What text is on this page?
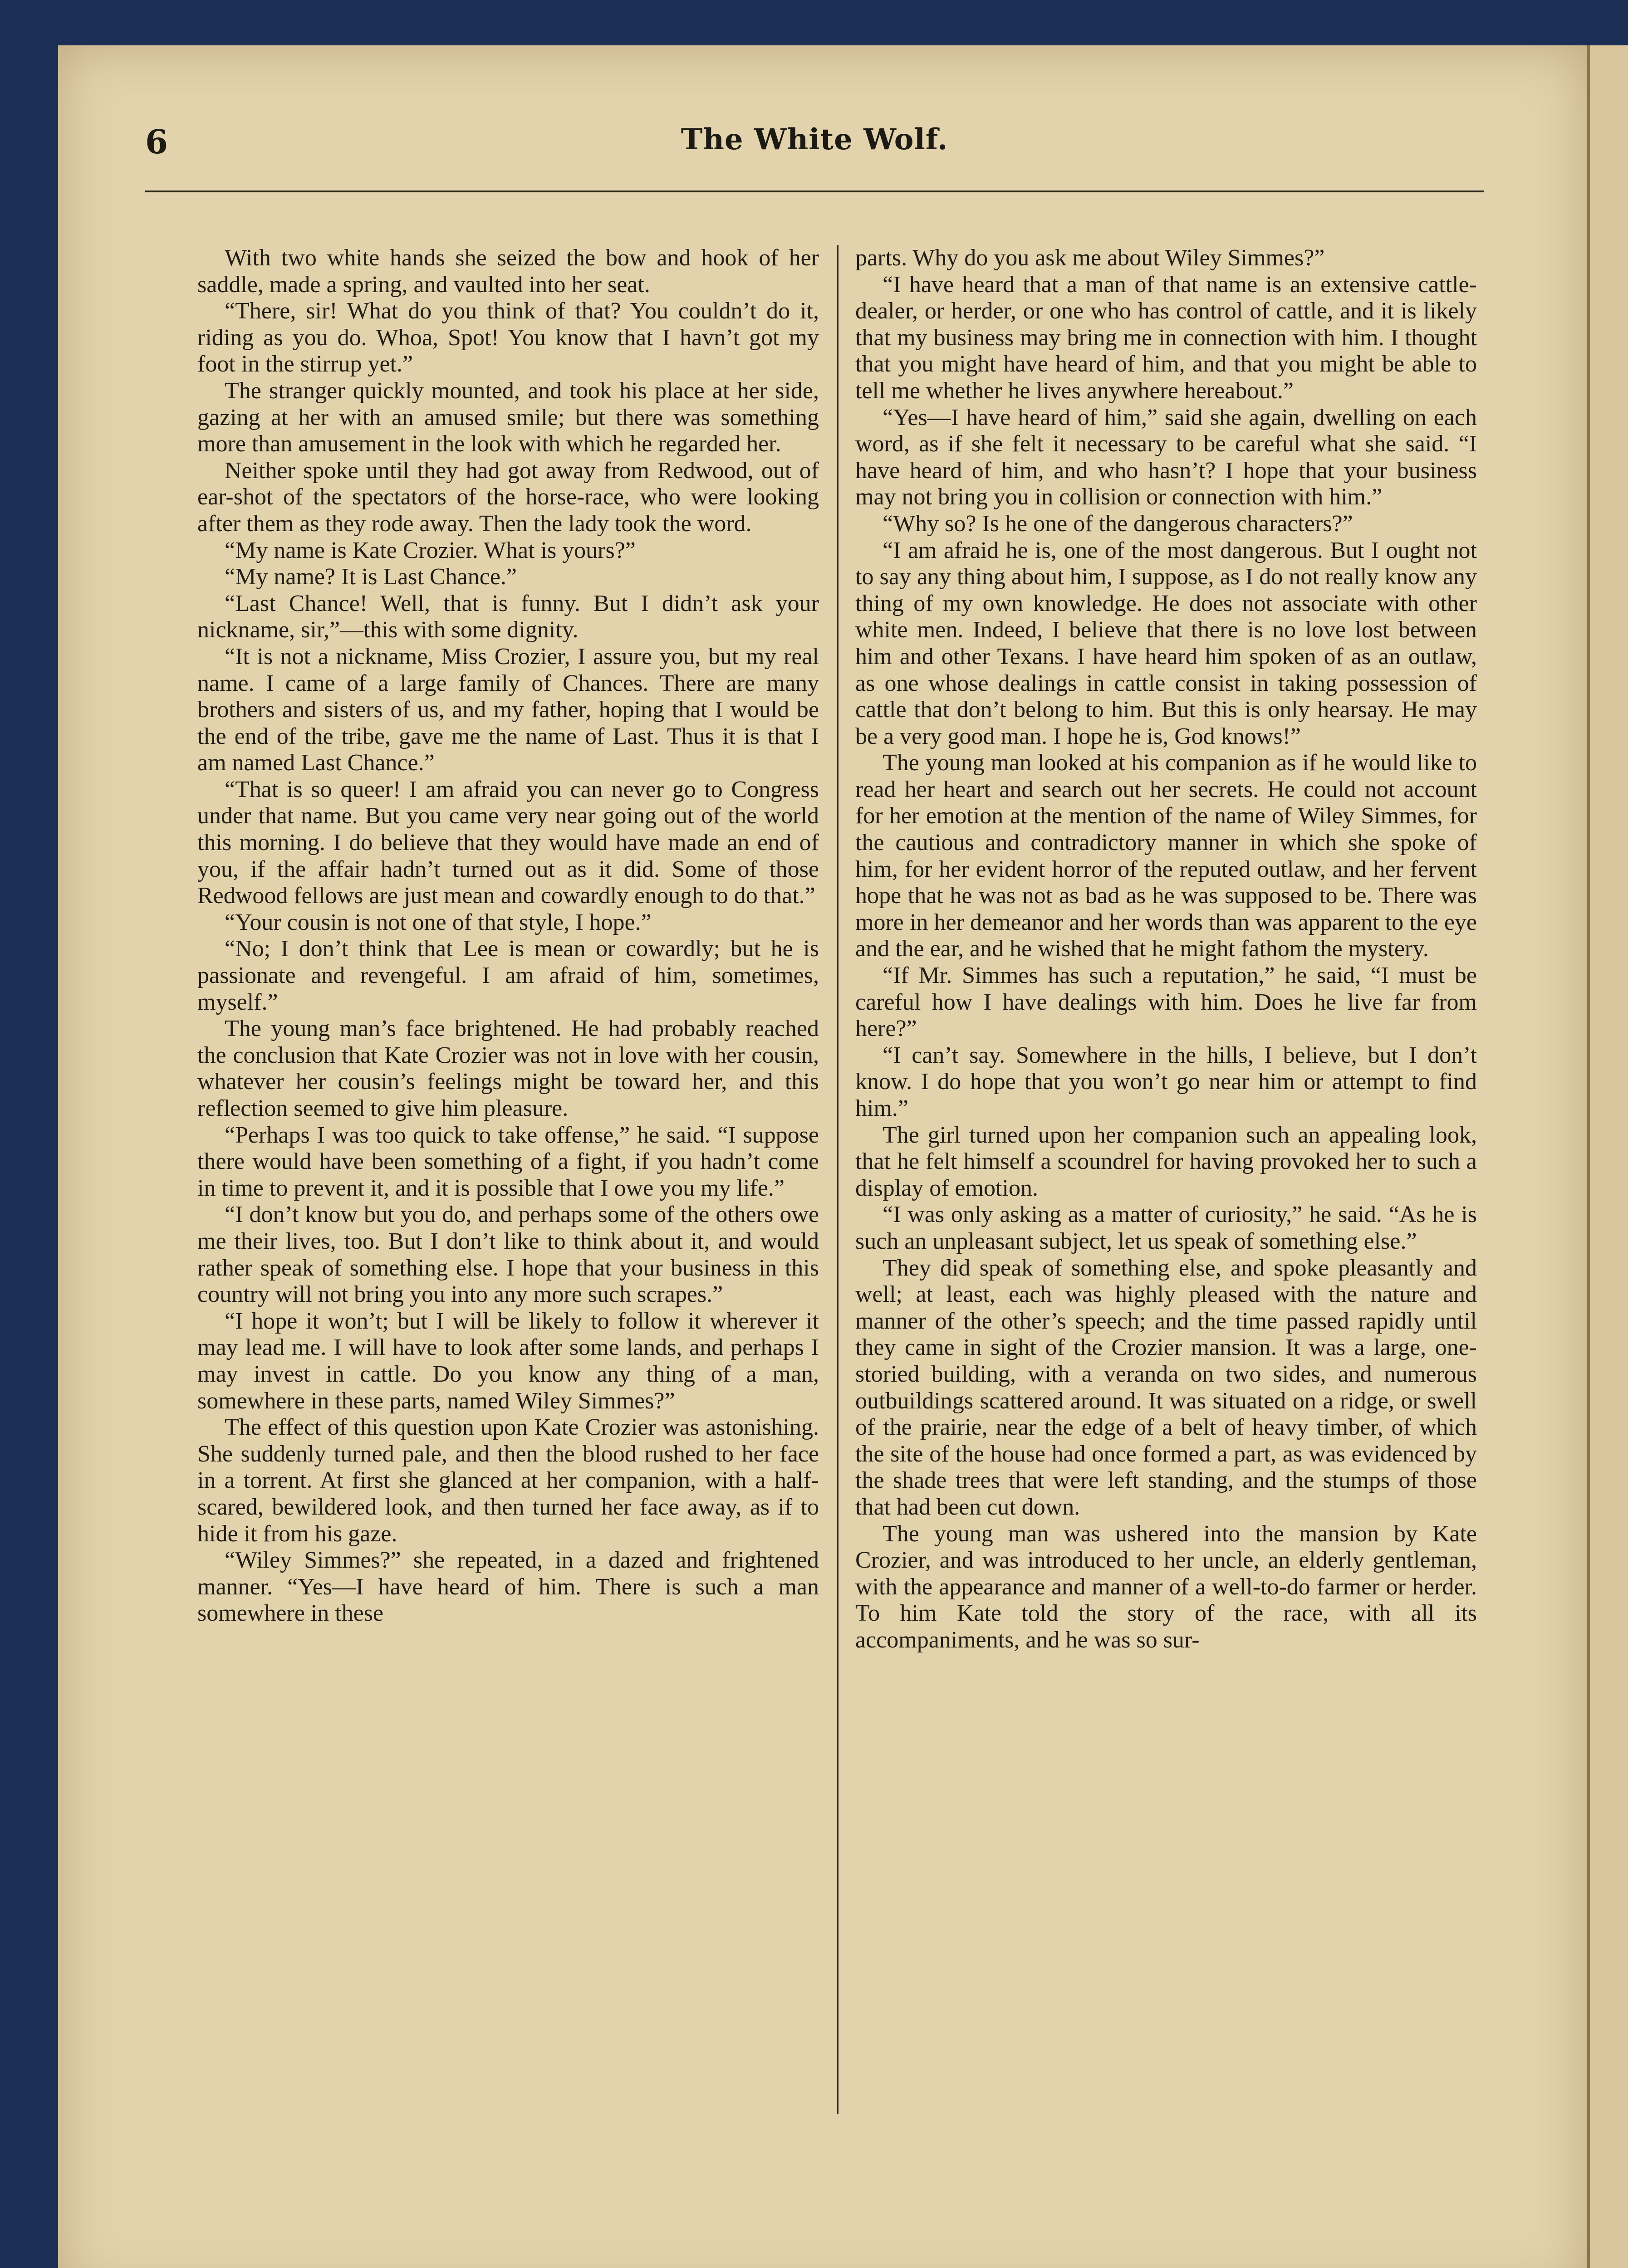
6	The White Wolf.

With two white hands she seized the bow and hook of her saddle, made a spring, and vaulted into her seat.

“There, sir! What do you think of that? You couldn’t do it, riding as you do. Whoa, Spot! You know that I havn’t got my foot in the stirrup yet.”

The stranger quickly mounted, and took his place at her side, gazing at her with an amused smile; but there was something more than amusement in the look with which he regarded her.

Neither spoke until they had got away from Redwood, out of ear-shot of the spectators of the horse-race, who were looking after them as they rode away. Then the lady took the word.

“My name is Kate Crozier. What is yours?”

“My name? It is Last Chance.”

“Last Chance! Well, that is funny. But I didn’t ask your nickname, sir,”—this with some dignity.

“It is not a nickname, Miss Crozier, I assure you, but my real name. I came of a large family of Chances. There are many brothers and sisters of us, and my father, hoping that I would be the end of the tribe, gave me the name of Last. Thus it is that I am named Last Chance.”

“That is so queer! I am afraid you can never go to Congress under that name. But you came very near going out of the world this morning. I do believe that they would have made an end of you, if the affair hadn’t turned out as it did. Some of those Redwood fellows are just mean and cowardly enough to do that.”

“Your cousin is not one of that style, I hope.”

“No; I don’t think that Lee is mean or cowardly; but he is passionate and revengeful. I am afraid of him, sometimes, myself.”

The young man’s face brightened. He had probably reached the conclusion that Kate Crozier was not in love with her cousin, whatever her cousin’s feelings might be toward her, and this reflection seemed to give him pleasure.

“Perhaps I was too quick to take offense,” he said. “I suppose there would have been something of a fight, if you hadn’t come in time to prevent it, and it is possible that I owe you my life.”

“I don’t know but you do, and perhaps some of the others owe me their lives, too. But I don’t like to think about it, and would rather speak of something else. I hope that your business in this country will not bring you into any more such scrapes.”

“I hope it won’t; but I will be likely to follow it wherever it may lead me. I will have to look after some lands, and perhaps I may invest in cattle. Do you know any thing of a man, somewhere in these parts, named Wiley Simmes?”

The effect of this question upon Kate Crozier was astonishing. She suddenly turned pale, and then the blood rushed to her face in a torrent. At first she glanced at her companion, with a half-scared, bewildered look, and then turned her face away, as if to hide it from his gaze.

“Wiley Simmes?” she repeated, in a dazed and frightened manner. “Yes—I have heard of him. There is such a man somewhere in these

parts. Why do you ask me about Wiley Simmes?”

“I have heard that a man of that name is an extensive cattle-dealer, or herder, or one who has control of cattle, and it is likely that my business may bring me in connection with him. I thought that you might have heard of him, and that you might be able to tell me whether he lives anywhere hereabout.”

“Yes—I have heard of him,” said she again, dwelling on each word, as if she felt it necessary to be careful what she said. “I have heard of him, and who hasn’t? I hope that your business may not bring you in collision or connection with him.”

“Why so? Is he one of the dangerous characters?”

“I am afraid he is, one of the most dangerous. But I ought not to say any thing about him, I suppose, as I do not really know any thing of my own knowledge. He does not associate with other white men. Indeed, I believe that there is no love lost between him and other Texans. I have heard him spoken of as an outlaw, as one whose dealings in cattle consist in taking possession of cattle that don’t belong to him. But this is only hearsay. He may be a very good man. I hope he is, God knows!”

The young man looked at his companion as if he would like to read her heart and search out her secrets. He could not account for her emotion at the mention of the name of Wiley Simmes, for the cautious and contradictory manner in which she spoke of him, for her evident horror of the reputed outlaw, and her fervent hope that he was not as bad as he was supposed to be. There was more in her demeanor and her words than was apparent to the eye and the ear, and he wished that he might fathom the mystery.

“If Mr. Simmes has such a reputation,” he said, “I must be careful how I have dealings with him. Does he live far from here?”

“I can’t say. Somewhere in the hills, I believe, but I don’t know. I do hope that you won’t go near him or attempt to find him.”

The girl turned upon her companion such an appealing look, that he felt himself a scoundrel for having provoked her to such a display of emotion.

“I was only asking as a matter of curiosity,” he said. “As he is such an unpleasant subject, let us speak of something else.”

They did speak of something else, and spoke pleasantly and well; at least, each was highly pleased with the nature and manner of the other’s speech; and the time passed rapidly until they came in sight of the Crozier mansion. It was a large, one-storied building, with a veranda on two sides, and numerous outbuildings scattered around. It was situated on a ridge, or swell of the prairie, near the edge of a belt of heavy timber, of which the site of the house had once formed a part, as was evidenced by the shade trees that were left standing, and the stumps of those that had been cut down.

The young man was ushered into the mansion by Kate Crozier, and was introduced to her uncle, an elderly gentleman, with the appearance and manner of a well-to-do farmer or herder. To him Kate told the story of the race, with all its accompaniments, and he was so sur-
